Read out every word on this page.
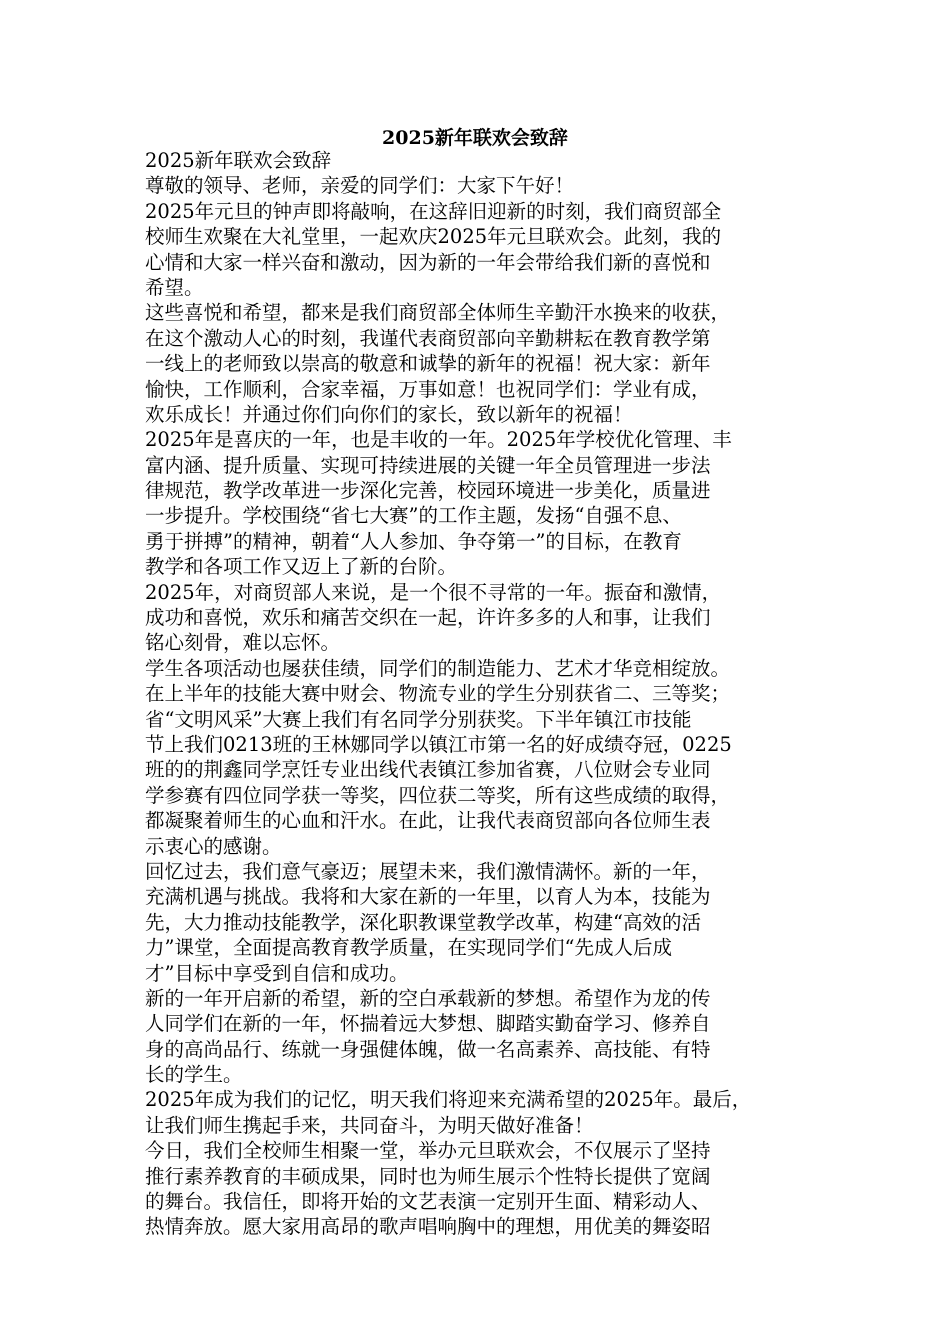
2025新年联欢会致辞
2025新年联欢会致辞
尊敬的领导、老师，亲爱的同学们：大家下午好！
2025年元旦的钟声即将敲响，在这辞旧迎新的时刻，我们商贸部全
校师生欢聚在大礼堂里，一起欢庆2025年元旦联欢会。此刻，我的
心情和大家一样兴奋和激动，因为新的一年会带给我们新的喜悦和
希望。
这些喜悦和希望，都来是我们商贸部全体师生辛勤汗水换来的收获，
在这个激动人心的时刻，我谨代表商贸部向辛勤耕耘在教育教学第
一线上的老师致以崇高的敬意和诚挚的新年的祝福！祝大家：新年
愉快，工作顺利，合家幸福，万事如意！也祝同学们：学业有成，
欢乐成长！并通过你们向你们的家长，致以新年的祝福！
2025年是喜庆的一年，也是丰收的一年。2025年学校优化管理、丰
富内涵、提升质量、实现可持续进展的关键一年全员管理进一步法
律规范，教学改革进一步深化完善，校园环境进一步美化，质量进
一步提升。学校围绕“省七大赛”的工作主题，发扬“自强不息、
勇于拼搏”的精神，朝着“人人参加、争夺第一”的目标，在教育
教学和各项工作又迈上了新的台阶。
2025年，对商贸部人来说，是一个很不寻常的一年。振奋和激情，
成功和喜悦，欢乐和痛苦交织在一起，许许多多的人和事，让我们
铭心刻骨，难以忘怀。
学生各项活动也屡获佳绩，同学们的制造能力、艺术才华竞相绽放。
在上半年的技能大赛中财会、物流专业的学生分别获省二、三等奖；
省“文明风采”大赛上我们有名同学分别获奖。下半年镇江市技能
节上我们0213班的王林娜同学以镇江市第一名的好成绩夺冠，0225
班的的荆鑫同学烹饪专业出线代表镇江参加省赛，八位财会专业同
学参赛有四位同学获一等奖，四位获二等奖，所有这些成绩的取得，
都凝聚着师生的心血和汗水。在此，让我代表商贸部向各位师生表
示衷心的感谢。
回忆过去，我们意气豪迈；展望未来，我们激情满怀。新的一年，
充满机遇与挑战。我将和大家在新的一年里，以育人为本，技能为
先，大力推动技能教学，深化职教课堂教学改革，构建“高效的活
力”课堂，全面提高教育教学质量，在实现同学们“先成人后成
才”目标中享受到自信和成功。
新的一年开启新的希望，新的空白承载新的梦想。希望作为龙的传
人同学们在新的一年，怀揣着远大梦想、脚踏实勤奋学习、修养自
身的高尚品行、练就一身强健体魄，做一名高素养、高技能、有特
长的学生。
2025年成为我们的记忆，明天我们将迎来充满希望的2025年。最后，
让我们师生携起手来，共同奋斗，为明天做好准备！
今日，我们全校师生相聚一堂，举办元旦联欢会，不仅展示了坚持
推行素养教育的丰硕成果，同时也为师生展示个性特长提供了宽阔
的舞台。我信任，即将开始的文艺表演一定别开生面、精彩动人、
热情奔放。愿大家用高昂的歌声唱响胸中的理想，用优美的舞姿昭
